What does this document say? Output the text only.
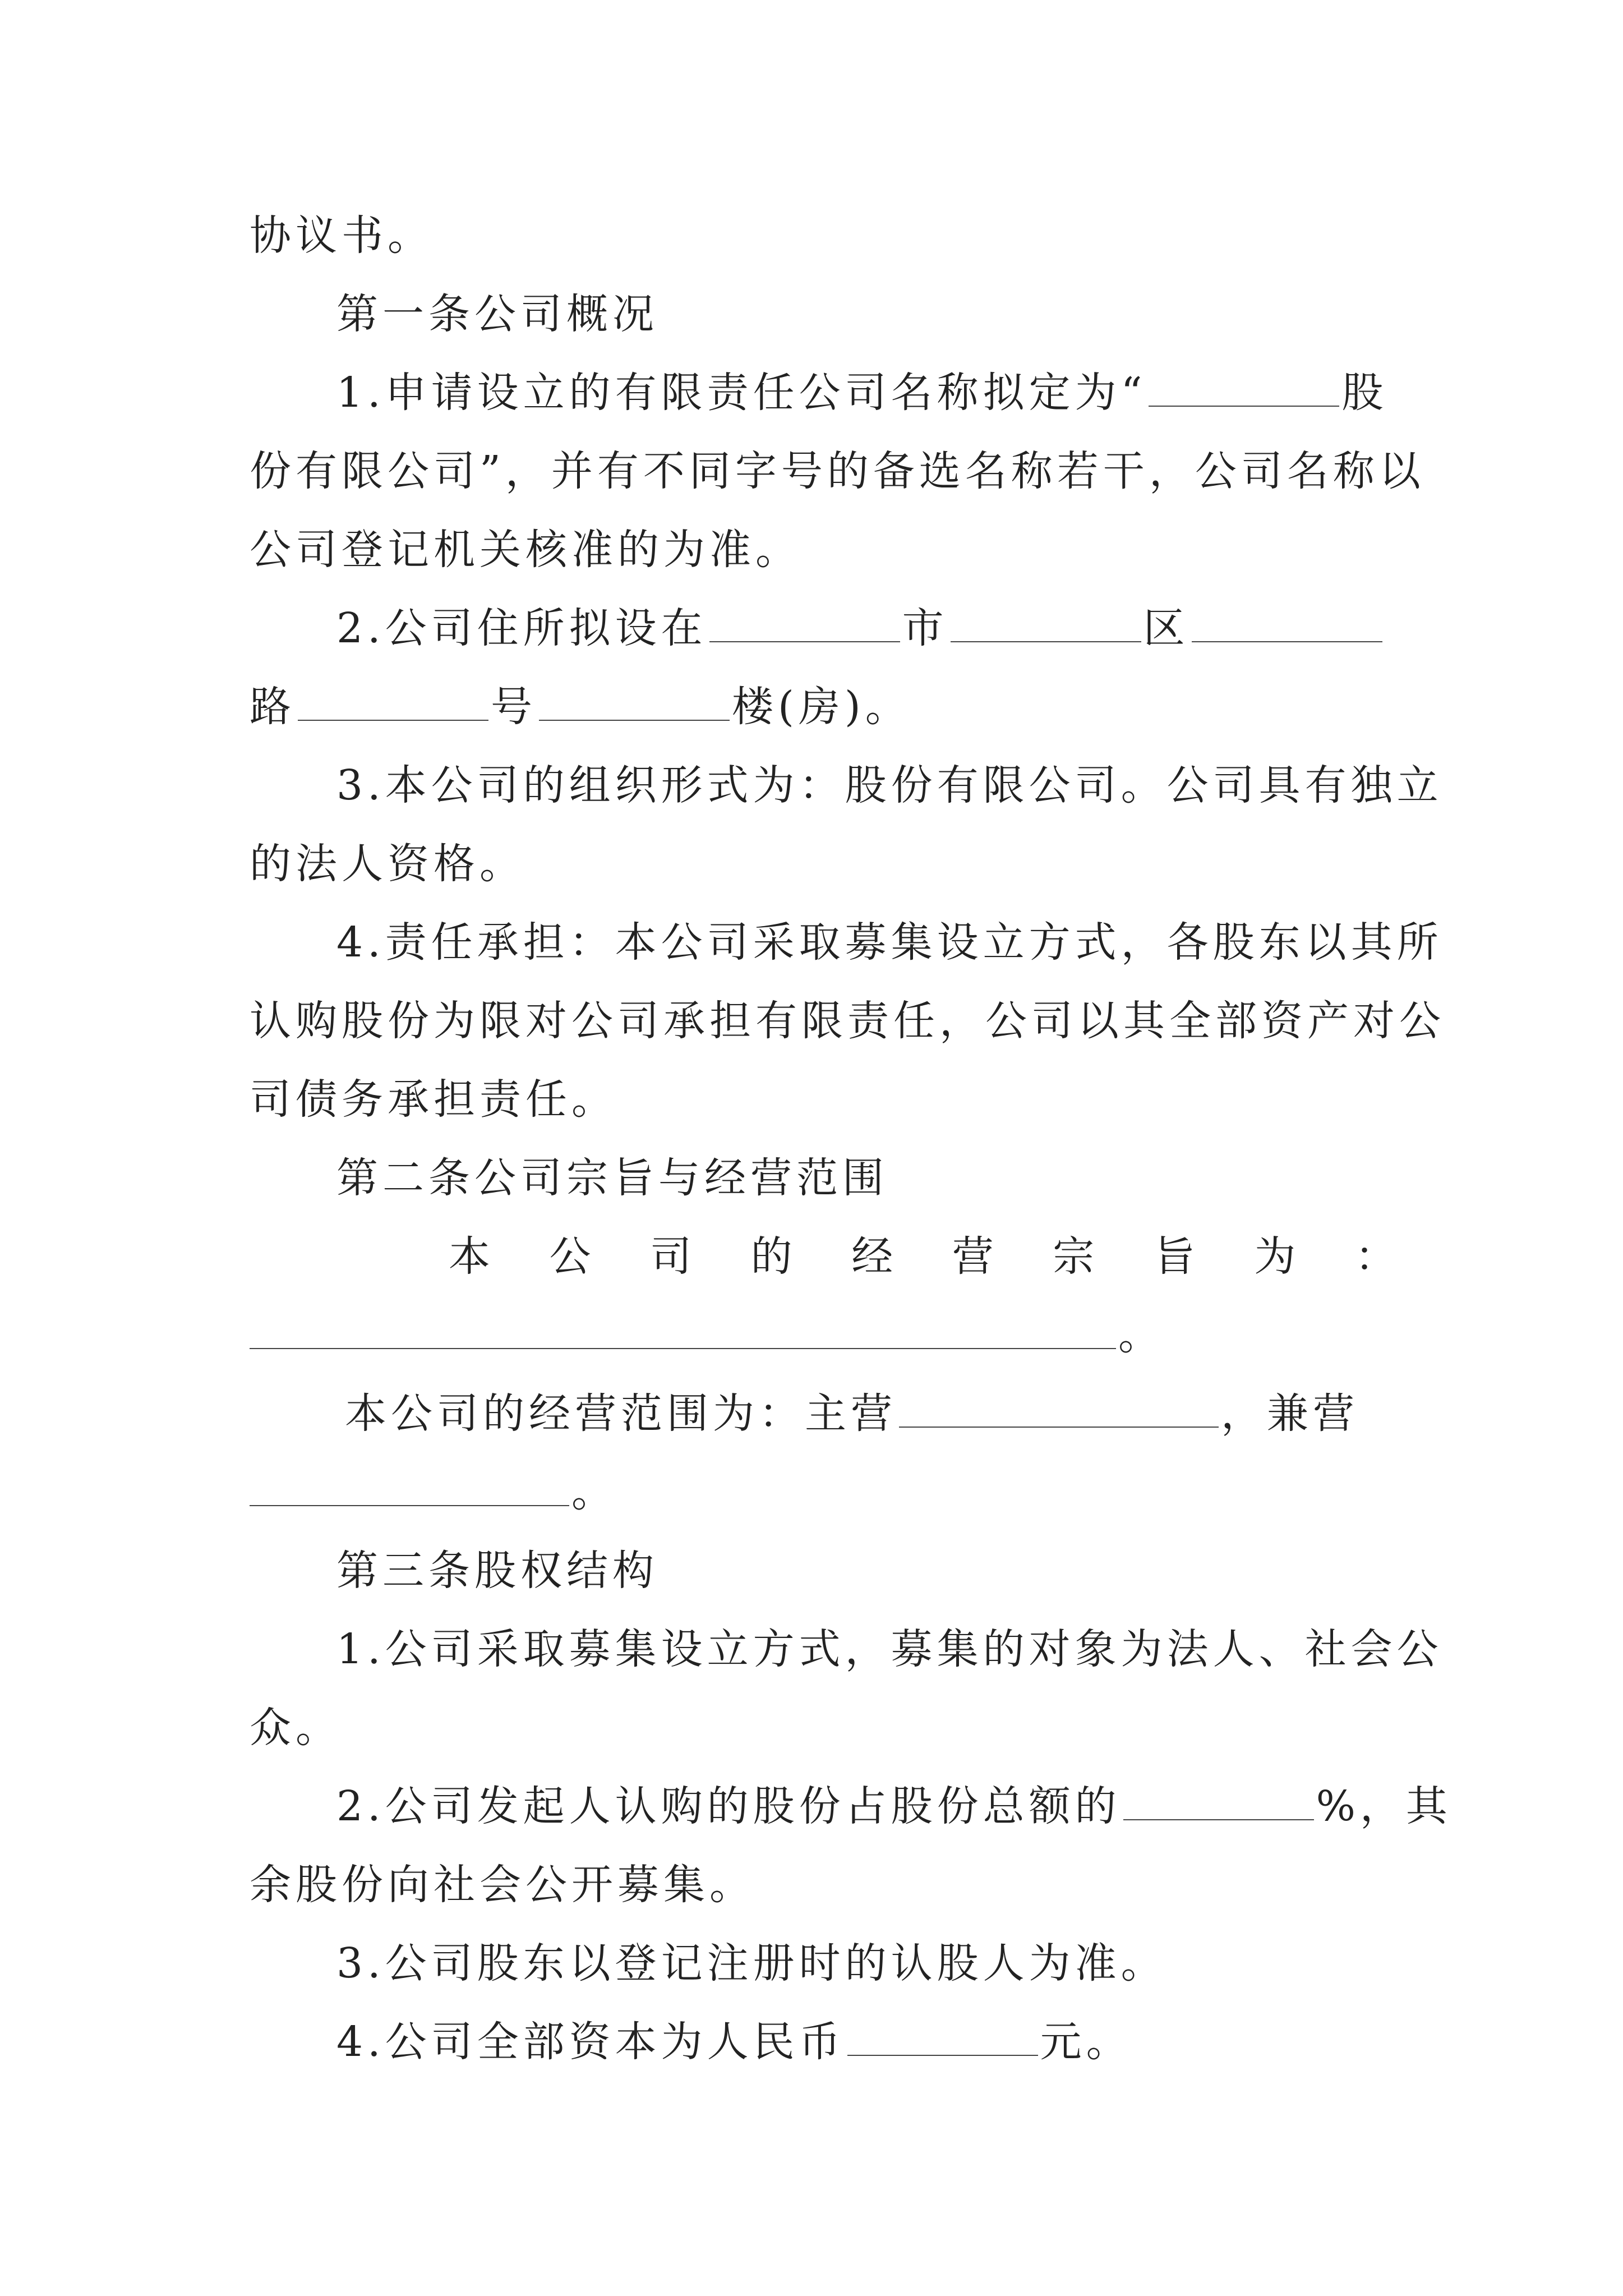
协议书。
第一条公司概况
1.申请设立的有限责任公司名称拟定为“	股
份有限公司”，并有不同字号的备选名称若干，公司名称以
公司登记机关核准的为准。
2.公司住所拟设在	市	区
路	号	楼(房)。
3.本公司的组织形式为：股份有限公司。公司具有独立
的法人资格。
4.责任承担：本公司采取募集设立方式，各股东以其所
认购股份为限对公司承担有限责任，公司以其全部资产对公
司债务承担责任。
第二条公司宗旨与经营范围
本 公 司 的 经 营 宗 旨 为 ：
。
本公司的经营范围为：主营	，兼营
。
第三条股权结构
1.公司采取募集设立方式，募集的对象为法人、社会公
众。
2.公司发起人认购的股份占股份总额的	%，其
余股份向社会公开募集。
3.公司股东以登记注册时的认股人为准。
4.公司全部资本为人民币	元。
